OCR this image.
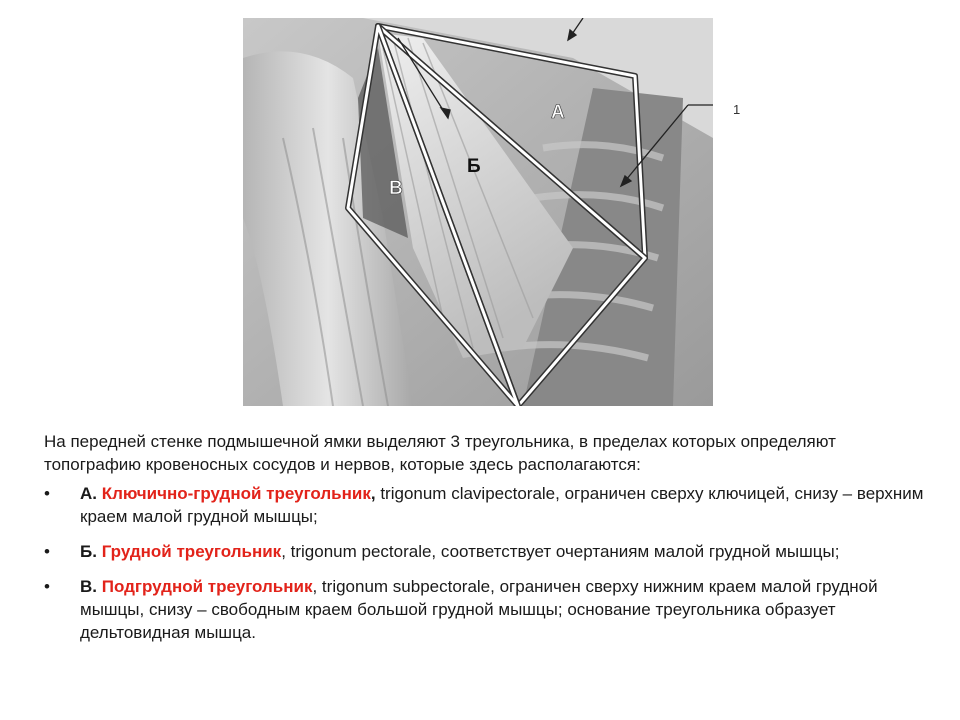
А
Б
В
1

На передней стенке подмышечной ямки выделяют 3 треугольника, в пределах которых определяют топографию кровеносных сосудов и нервов, которые здесь располагаются:

• А. Ключично-грудной треугольник, trigonum clavipectorale, ограничен сверху ключицей, снизу – верхним краем малой грудной мышцы;
• Б. Грудной треугольник, trigonum pectorale, соответствует очертаниям малой грудной мышцы;
• В. Подгрудной треугольник, trigonum subpectorale, ограничен сверху нижним краем малой грудной мышцы, снизу – свободным краем большой грудной мышцы; основание треугольника образует дельтовидная мышца.
